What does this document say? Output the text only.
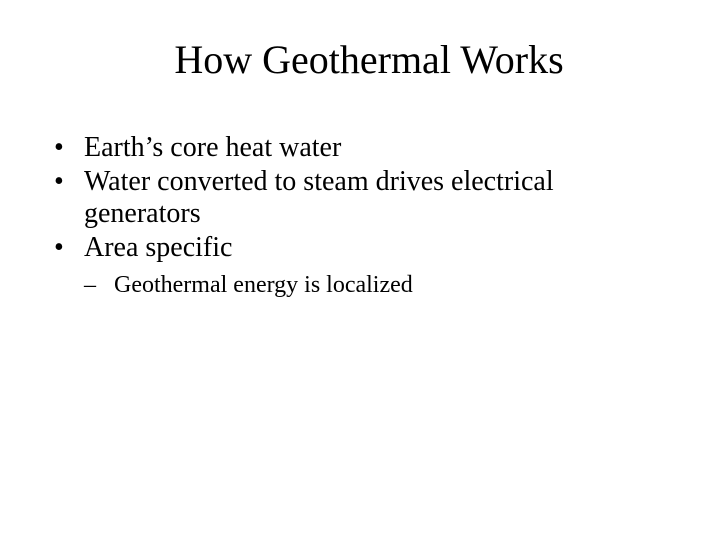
How Geothermal Works
• Earth’s core heat water
• Water converted to steam drives electrical generators
• Area specific
– Geothermal energy is localized
